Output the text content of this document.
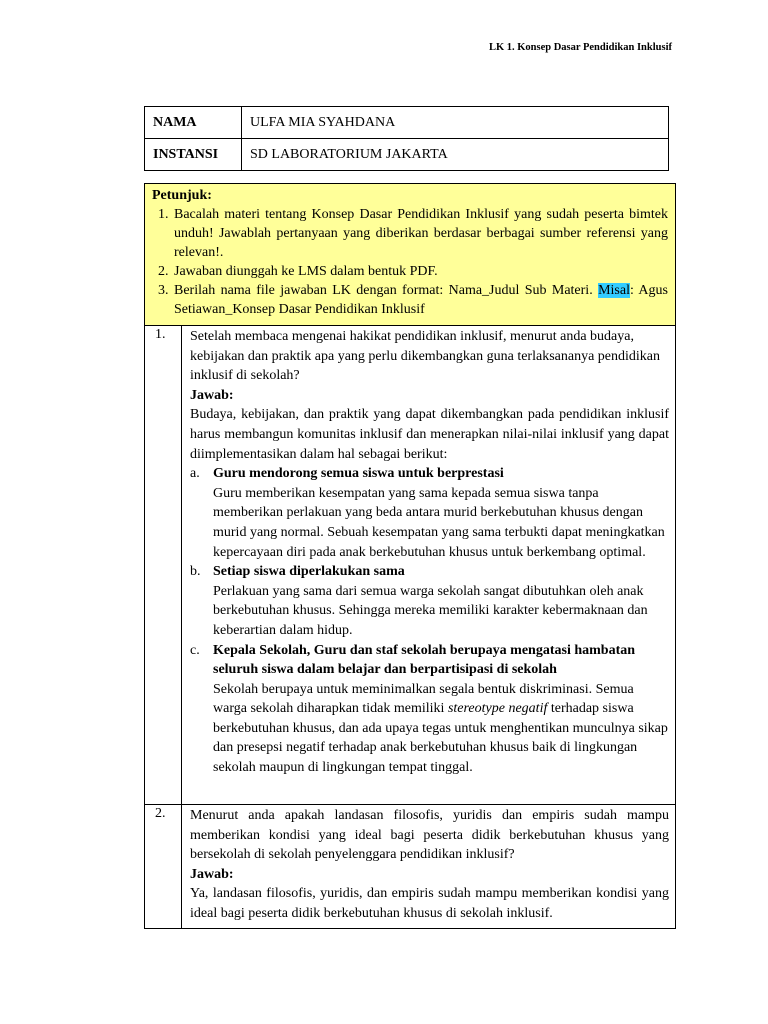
LK 1. Konsep Dasar Pendidikan Inklusif
NAMA	ULFA MIA SYAHDANA
INSTANSI	SD LABORATORIUM JAKARTA
Petunjuk:
1. Bacalah materi tentang Konsep Dasar Pendidikan Inklusif yang sudah peserta bimtek unduh! Jawablah pertanyaan yang diberikan berdasar berbagai sumber referensi yang relevan!.
2. Jawaban diunggah ke LMS dalam bentuk PDF.
3. Berilah nama file jawaban LK dengan format: Nama_Judul Sub Materi. Misal: Agus Setiawan_Konsep Dasar Pendidikan Inklusif
1.	Setelah membaca mengenai hakikat pendidikan inklusif, menurut anda budaya, kebijakan dan praktik apa yang perlu dikembangkan guna terlaksananya pendidikan inklusif di sekolah?
Jawab:
Budaya, kebijakan, dan praktik yang dapat dikembangkan pada pendidikan inklusif harus membangun komunitas inklusif dan menerapkan nilai-nilai inklusif yang dapat diimplementasikan dalam hal sebagai berikut:
a. Guru mendorong semua siswa untuk berprestasi
Guru memberikan kesempatan yang sama kepada semua siswa tanpa memberikan perlakuan yang beda antara murid berkebutuhan khusus dengan murid yang normal. Sebuah kesempatan yang sama terbukti dapat meningkatkan kepercayaan diri pada anak berkebutuhan khusus untuk berkembang optimal.
b. Setiap siswa diperlakukan sama
Perlakuan yang sama dari semua warga sekolah sangat dibutuhkan oleh anak berkebutuhan khusus. Sehingga mereka memiliki karakter kebermaknaan dan keberartian dalam hidup.
c. Kepala Sekolah, Guru dan staf sekolah berupaya mengatasi hambatan seluruh siswa dalam belajar dan berpartisipasi di sekolah
Sekolah berupaya untuk meminimalkan segala bentuk diskriminasi. Semua warga sekolah diharapkan tidak memiliki stereotype negatif terhadap siswa berkebutuhan khusus, dan ada upaya tegas untuk menghentikan munculnya sikap dan presepsi negatif terhadap anak berkebutuhan khusus baik di lingkungan sekolah maupun di lingkungan tempat tinggal.
2.	Menurut anda apakah landasan filosofis, yuridis dan empiris sudah mampu memberikan kondisi yang ideal bagi peserta didik berkebutuhan khusus yang bersekolah di sekolah penyelenggara pendidikan inklusif?
Jawab:
Ya, landasan filosofis, yuridis, dan empiris sudah mampu memberikan kondisi yang ideal bagi peserta didik berkebutuhan khusus di sekolah inklusif.
